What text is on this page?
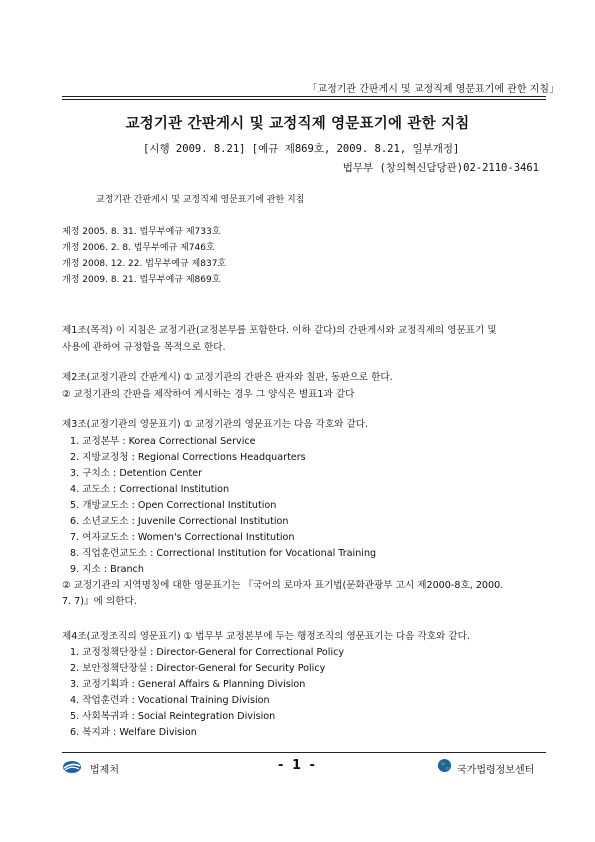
「교정기관 간판게시 및 교정직제 영문표기에 관한 지침」
교정기관 간판게시 및 교정직제 영문표기에 관한 지침
[시행 2009. 8.21] [예규 제869호, 2009. 8.21, 일부개정]
법무부 (창의혁신담당관)02-2110-3461
교정기관 간판게시 및 교정직제 영문표기에 관한 지침
제정 2005. 8. 31. 법무부예규 제733호
개정 2006. 2. 8. 법무부예규 제746호
개정 2008. 12. 22. 법무부예규 제837호
개정 2009. 8. 21. 법무부예규 제869호
제1조(목적) 이 지침은 교정기관(교정본부를 포함한다. 이하 같다)의 간판게시와 교정직제의 영문표기 및
사용에 관하여 규정함을 목적으로 한다.
제2조(교정기관의 간판게시) ① 교정기관의 간판은 판자와 칠판, 동판으로 한다.
② 교정기관의 간판을 제작하여 게시하는 경우 그 양식은 별표1과 같다
제3조(교정기관의 영문표기) ① 교정기관의 영문표기는 다음 각호와 같다.
1. 교정본부 : Korea Correctional Service
2. 지방교정청 : Regional Corrections Headquarters
3. 구치소 : Detention Center
4. 교도소 : Correctional Institution
5. 개방교도소 : Open Correctional Institution
6. 소년교도소 : Juvenile Correctional Institution
7. 여자교도소 : Women's Correctional Institution
8. 직업훈련교도소 : Correctional Institution for Vocational Training
9. 지소 : Branch
② 교정기관의 지역명칭에 대한 영문표기는 『국어의 로마자 표기법(문화관광부 고시 제2000-8호, 2000.
7. 7)』에 의한다.
제4조(교정조직의 영문표기) ① 법무부 교정본부에 두는 행정조직의 영문표기는 다음 각호와 같다.
1. 교정정책단장실 : Director-General for Correctional Policy
2. 보안정책단장실 : Director-General for Security Policy
3. 교정기획과 : General Affairs & Planning Division
4. 작업훈련과 : Vocational Training Division
5. 사회복귀과 : Social Reintegration Division
6. 복지과 : Welfare Division
법제처	- 1 -	국가법령정보센터
